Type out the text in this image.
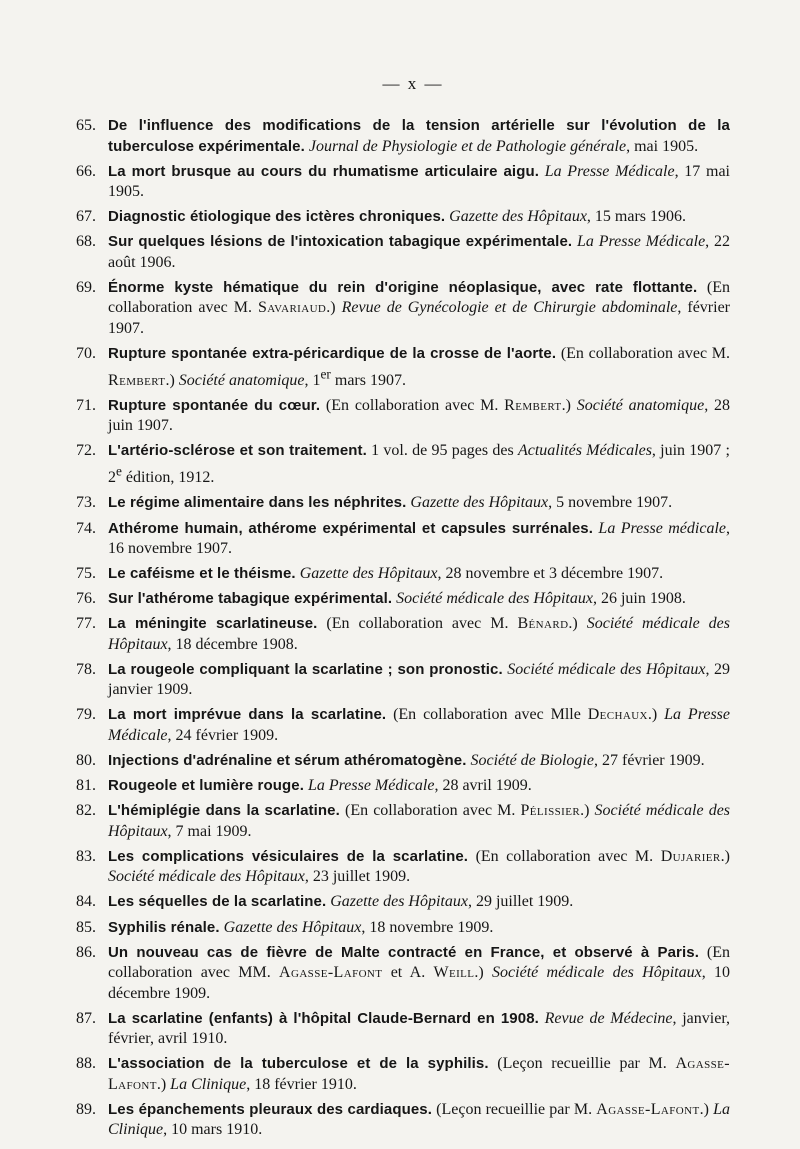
— x —
65. De l'influence des modifications de la tension artérielle sur l'évolution de la tuberculose expérimentale. Journal de Physiologie et de Pathologie générale, mai 1905.
66. La mort brusque au cours du rhumatisme articulaire aigu. La Presse Médicale, 17 mai 1905.
67. Diagnostic étiologique des ictères chroniques. Gazette des Hôpitaux, 15 mars 1906.
68. Sur quelques lésions de l'intoxication tabagique expérimentale. La Presse Médicale, 22 août 1906.
69. Énorme kyste hématique du rein d'origine néoplasique, avec rate flottante. (En collaboration avec M. Savariaud.) Revue de Gynécologie et de Chirurgie abdominale, février 1907.
70. Rupture spontanée extra-péricardique de la crosse de l'aorte. (En collaboration avec M. Rembert.) Société anatomique, 1er mars 1907.
71. Rupture spontanée du cœur. (En collaboration avec M. Rembert.) Société anatomique, 28 juin 1907.
72. L'artério-sclérose et son traitement. 1 vol. de 95 pages des Actualités Médicales, juin 1907 ; 2e édition, 1912.
73. Le régime alimentaire dans les néphrites. Gazette des Hôpitaux, 5 novembre 1907.
74. Athérome humain, athérome expérimental et capsules surrénales. La Presse médicale, 16 novembre 1907.
75. Le caféisme et le théisme. Gazette des Hôpitaux, 28 novembre et 3 décembre 1907.
76. Sur l'athérome tabagique expérimental. Société médicale des Hôpitaux, 26 juin 1908.
77. La méningite scarlatineuse. (En collaboration avec M. Bénard.) Société médicale des Hôpitaux, 18 décembre 1908.
78. La rougeole compliquant la scarlatine ; son pronostic. Société médicale des Hôpitaux, 29 janvier 1909.
79. La mort imprévue dans la scarlatine. (En collaboration avec Mlle Dechaux.) La Presse Médicale, 24 février 1909.
80. Injections d'adrénaline et sérum athéromatogène. Société de Biologie, 27 février 1909.
81. Rougeole et lumière rouge. La Presse Médicale, 28 avril 1909.
82. L'hémiplégie dans la scarlatine. (En collaboration avec M. Pélissier.) Société médicale des Hôpitaux, 7 mai 1909.
83. Les complications vésiculaires de la scarlatine. (En collaboration avec M. Dujarier.) Société médicale des Hôpitaux, 23 juillet 1909.
84. Les séquelles de la scarlatine. Gazette des Hôpitaux, 29 juillet 1909.
85. Syphilis rénale. Gazette des Hôpitaux, 18 novembre 1909.
86. Un nouveau cas de fièvre de Malte contracté en France, et observé à Paris. (En collaboration avec MM. Agasse-Lafont et A. Weill.) Société médicale des Hôpitaux, 10 décembre 1909.
87. La scarlatine (enfants) à l'hôpital Claude-Bernard en 1908. Revue de Médecine, janvier, février, avril 1910.
88. L'association de la tuberculose et de la syphilis. (Leçon recueillie par M. Agasse-Lafont.) La Clinique, 18 février 1910.
89. Les épanchements pleuraux des cardiaques. (Leçon recueillie par M. Agasse-Lafont.) La Clinique, 10 mars 1910.
